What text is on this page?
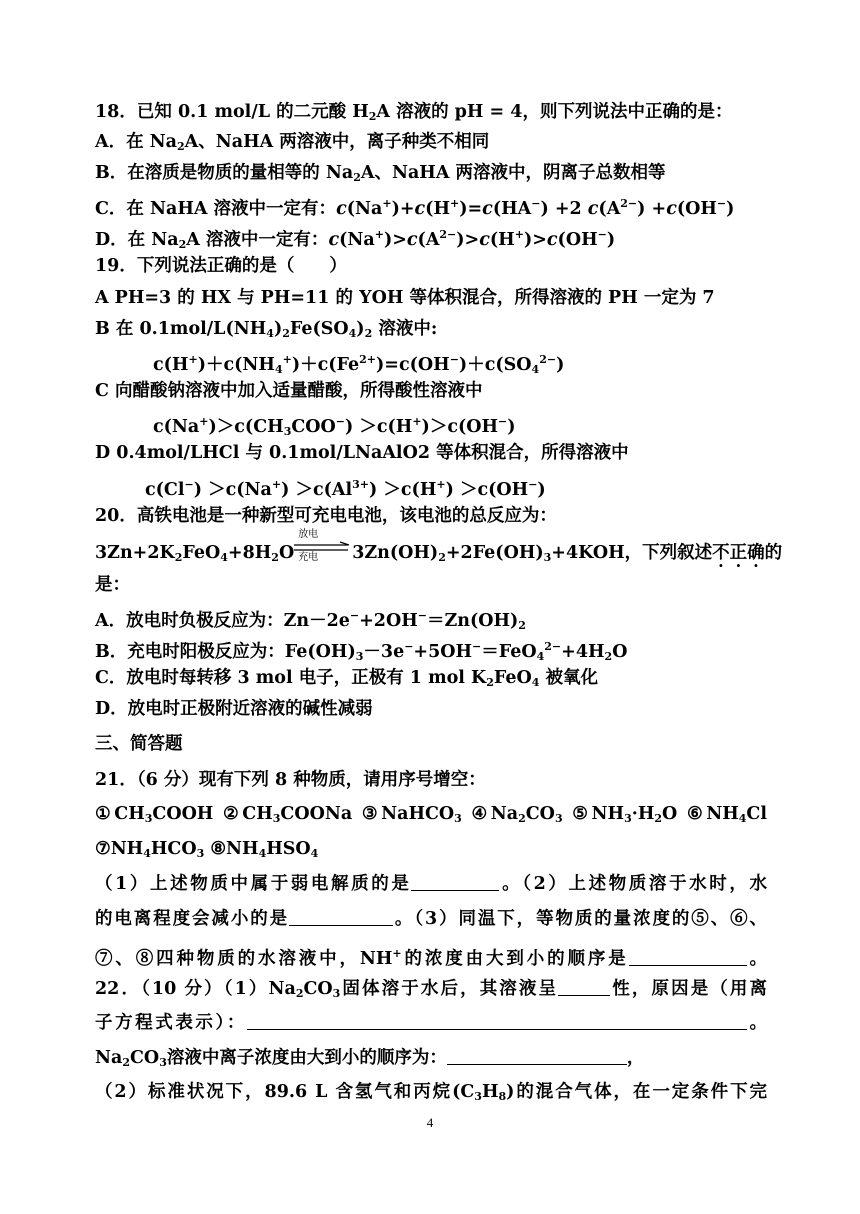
18．已知 0.1 mol/L 的二元酸 $H_2A$ 溶液的 pH = 4，则下列说法中正确的是：
A．在 $Na_2A$、NaHA 两溶液中，离子种类不相同
B．在溶质是物质的量相等的 $Na_2A$、NaHA 两溶液中，阴离子总数相等
C．在 NaHA 溶液中一定有：c(Na+)+c(H+)=c(HA−) +2 $c(A^{2-}) +c(OH^-)$
D．在 $Na_2A$ 溶液中一定有：$c(Na^+)>c(A^{2-})>c(H^+)>c(OH^-)$
19．下列说法正确的是（　　）
A PH=3 的 HX 与 PH=11 的 YOH 等体积混合，所得溶液的 PH 一定为 7
B 在 $0.1mol/L(NH_4)_2Fe(SO_4)_2$ 溶液中:
$c(H^+)+c(NH_4^+)+c(Fe^{2+})=c(OH^-)+c(SO_4^{2-})$
C 向醋酸钠溶液中加入适量醋酸，所得酸性溶液中
$c(Na^+)>c(CH_3COO^-) >c(H^+)>c(OH^-)$
D 0.4mol/LHCl 与 0.1mol/LNaAlO2 等体积混合，所得溶液中
$c(Cl^-) >c(Na^+) >c(Al^{3+}) >c(H^+) >c(OH^-)$
20．高铁电池是一种新型可充电电池，该电池的总反应为：
$3Zn+2K_2FeO_4+8H_2O$
放电
充电 $3Zn(OH)_2+2Fe(OH)_3+4KOH$，下列叙述不正确的
是：
A．放电时负极反应为：$Zn-2e^-+2OH^-=Zn(OH)_2$
B．充电时阳极反应为：$Fe(OH)_3-3e^-+5OH^-=FeO_4^{2-}+4H_2O$
C．放电时每转移 3 mol 电子，正极有 1 mol $K_2FeO_4$ 被氧化
D．放电时正极附近溶液的碱性减弱
三、简答题
21．（6 分）现有下列 8 种物质，请用序号增空：
$①CH_3COOH$ $②CH_3COONa$ ③NaHCO$_3$ $④Na_2CO_3$ $⑤NH_3\cdot H_2O$ $⑥NH_4Cl$
$⑦NH_4HCO_3$ $⑧NH_4HSO_4$
（1）上述物质中属于弱电解质的是	。（2）上述物质溶于水时，水
的电离程度会减小的是	。（3）同温下，等物质的量浓度的⑤、⑥、
⑦、⑧四种物质的水溶液中，NH+的浓度由大到小的顺序是	。
22．（10 分）$(1)Na_2CO_3$固体溶于水后，其溶液呈	性，原因是（用离
子方程式表示）：	。
$Na_2CO_3$溶液中离子浓度由大到小的顺序为：	，
（2）标准状况下，89.6 L 含氢气和丙烷$(C_3H_8)$的混合气体，在一定条件下完
4
